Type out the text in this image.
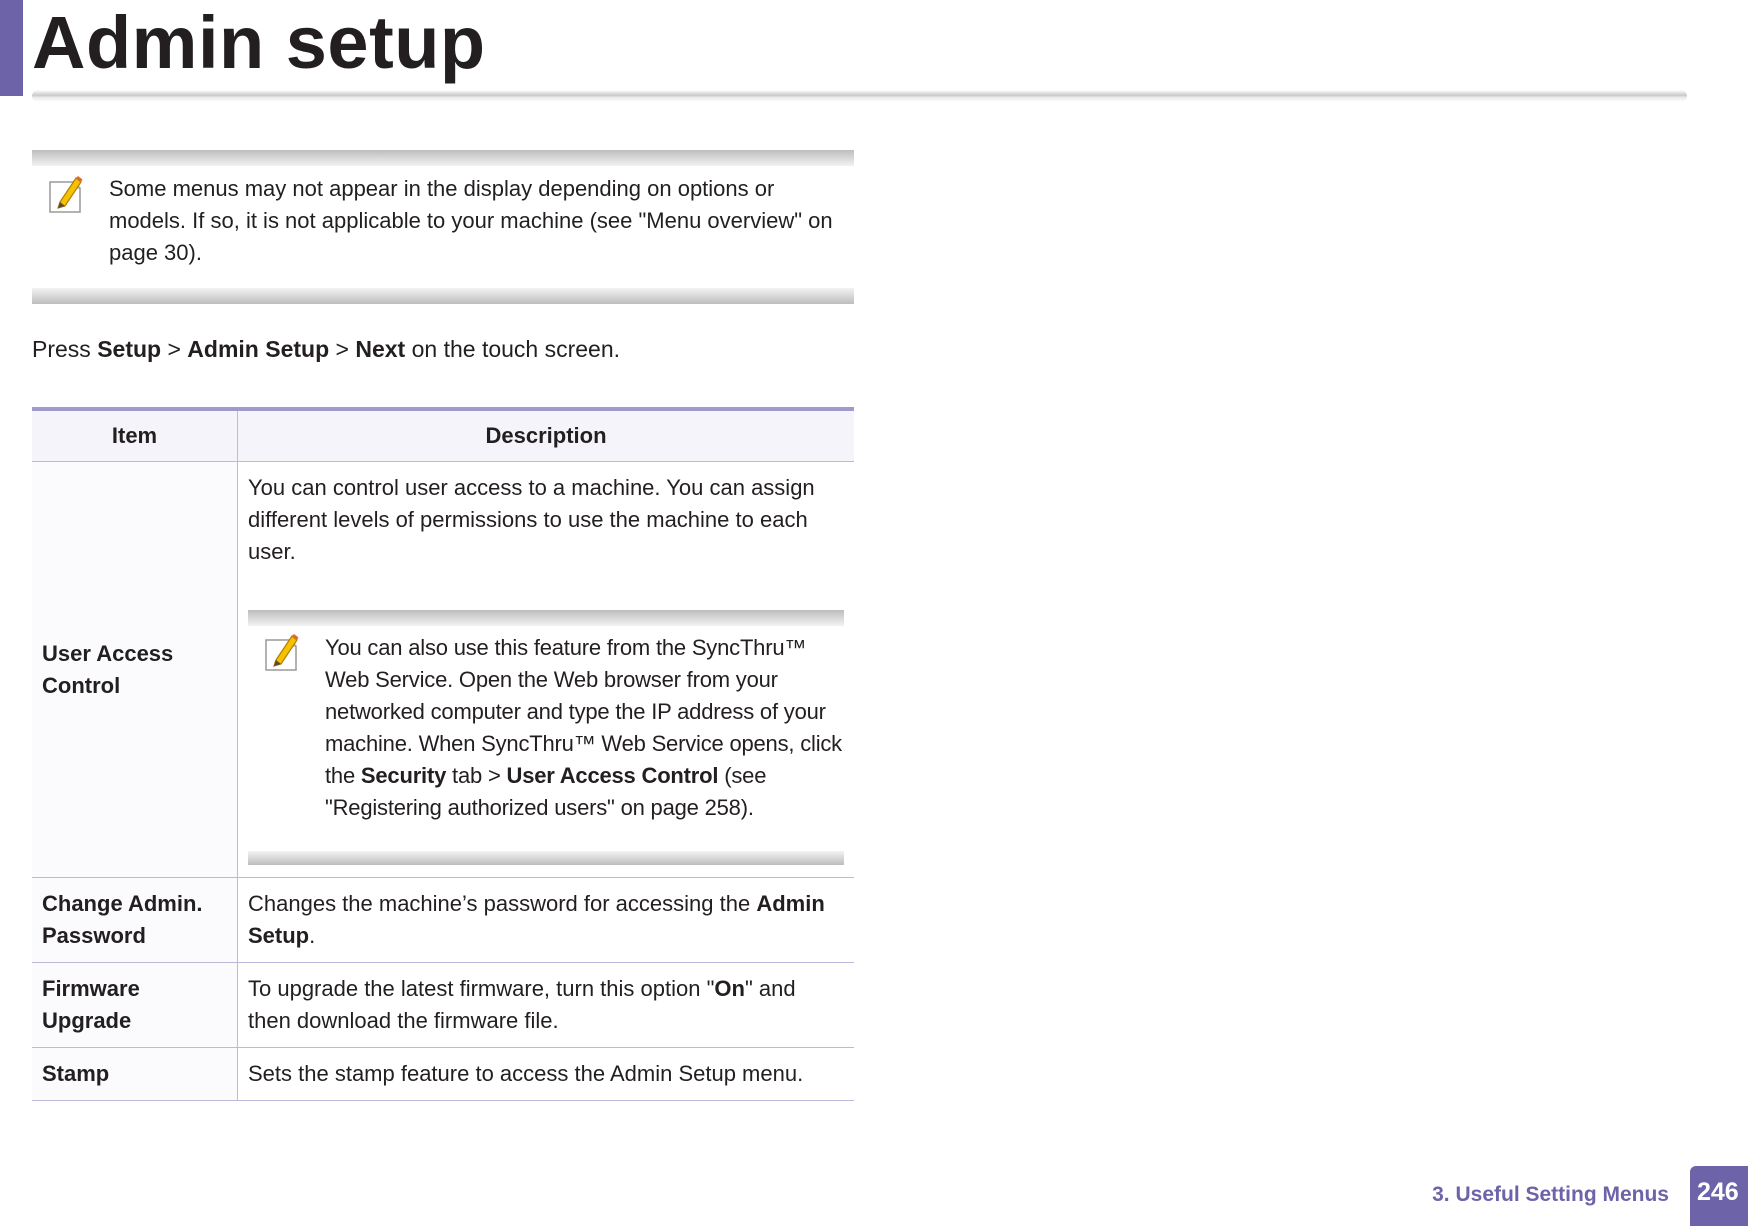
Admin setup
Some menus may not appear in the display depending on options or models. If so, it is not applicable to your machine (see "Menu overview" on page 30).
Press Setup > Admin Setup > Next on the touch screen.
Item	Description
User Access Control	You can control user access to a machine. You can assign different levels of permissions to use the machine to each user.
You can also use this feature from the SyncThru™ Web Service. Open the Web browser from your networked computer and type the IP address of your machine. When SyncThru™ Web Service opens, click the Security tab > User Access Control (see "Registering authorized users" on page 258).

Change Admin. Password	Changes the machine’s password for accessing the Admin Setup.
Firmware Upgrade	To upgrade the latest firmware, turn this option "On" and then download the firmware file.
Stamp	Sets the stamp feature to access the Admin Setup menu.
3. Useful Setting Menus 246
